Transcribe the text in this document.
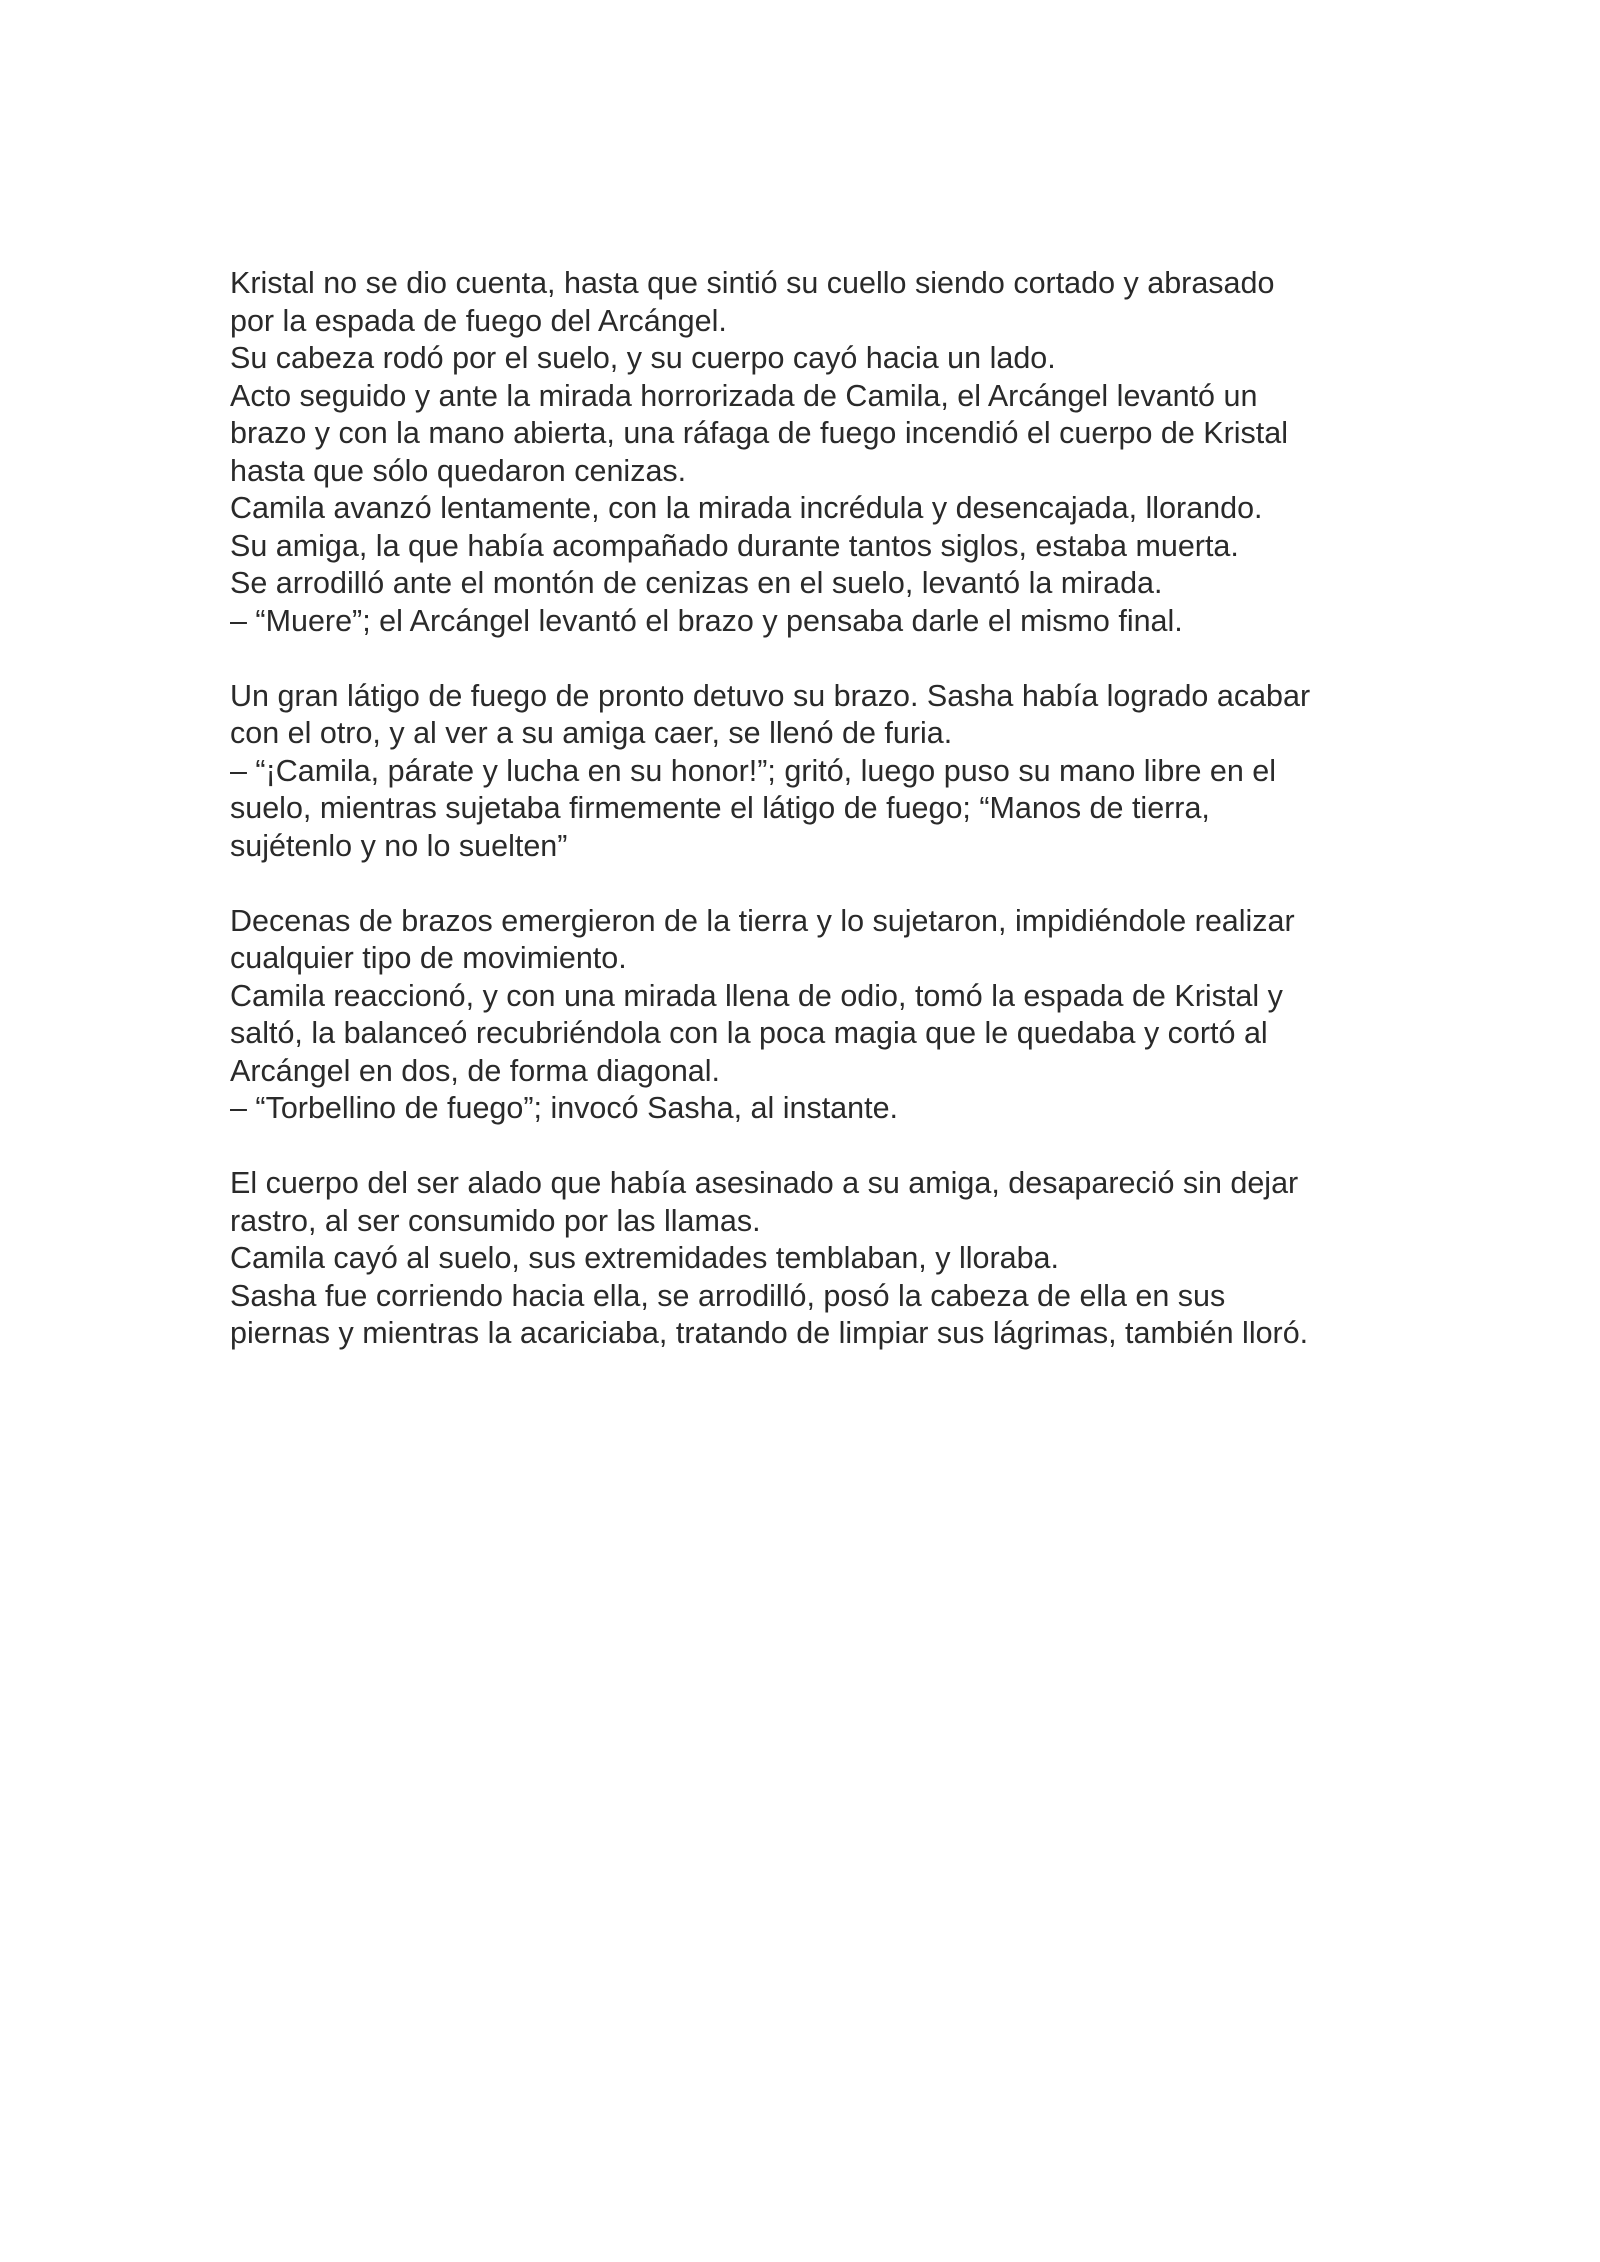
Kristal no se dio cuenta, hasta que sintió su cuello siendo cortado y abrasado
por la espada de fuego del Arcángel.
Su cabeza rodó por el suelo, y su cuerpo cayó hacia un lado.
Acto seguido y ante la mirada horrorizada de Camila, el Arcángel levantó un
brazo y con la mano abierta, una ráfaga de fuego incendió el cuerpo de Kristal
hasta que sólo quedaron cenizas.
Camila avanzó lentamente, con la mirada incrédula y desencajada, llorando.
Su amiga, la que había acompañado durante tantos siglos, estaba muerta.
Se arrodilló ante el montón de cenizas en el suelo, levantó la mirada.
– “Muere”; el Arcángel levantó el brazo y pensaba darle el mismo final.

Un gran látigo de fuego de pronto detuvo su brazo. Sasha había logrado acabar
con el otro, y al ver a su amiga caer, se llenó de furia.
– “¡Camila, párate y lucha en su honor!”; gritó, luego puso su mano libre en el
suelo, mientras sujetaba firmemente el látigo de fuego; “Manos de tierra,
sujétenlo y no lo suelten”

Decenas de brazos emergieron de la tierra y lo sujetaron, impidiéndole realizar
cualquier tipo de movimiento.
Camila reaccionó, y con una mirada llena de odio, tomó la espada de Kristal y
saltó, la balanceó recubriéndola con la poca magia que le quedaba y cortó al
Arcángel en dos, de forma diagonal.
– “Torbellino de fuego”; invocó Sasha, al instante.

El cuerpo del ser alado que había asesinado a su amiga, desapareció sin dejar
rastro, al ser consumido por las llamas.
Camila cayó al suelo, sus extremidades temblaban, y lloraba.
Sasha fue corriendo hacia ella, se arrodilló, posó la cabeza de ella en sus
piernas y mientras la acariciaba, tratando de limpiar sus lágrimas, también lloró.
